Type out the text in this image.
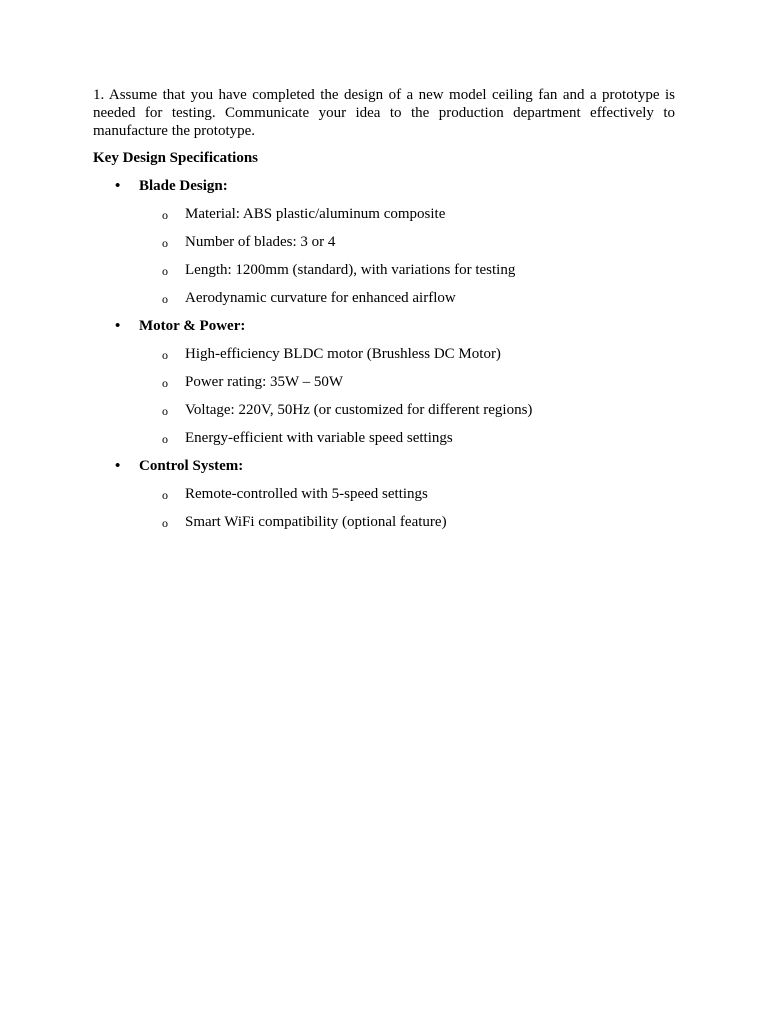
1. Assume that you have completed the design of a new model ceiling fan and a prototype is needed for testing. Communicate your idea to the production department effectively to manufacture the prototype.

Key Design Specifications

• Blade Design:
o Material: ABS plastic/aluminum composite
o Number of blades: 3 or 4
o Length: 1200mm (standard), with variations for testing
o Aerodynamic curvature for enhanced airflow
• Motor & Power:
o High-efficiency BLDC motor (Brushless DC Motor)
o Power rating: 35W – 50W
o Voltage: 220V, 50Hz (or customized for different regions)
o Energy-efficient with variable speed settings
• Control System:
o Remote-controlled with 5-speed settings
o Smart WiFi compatibility (optional feature)
